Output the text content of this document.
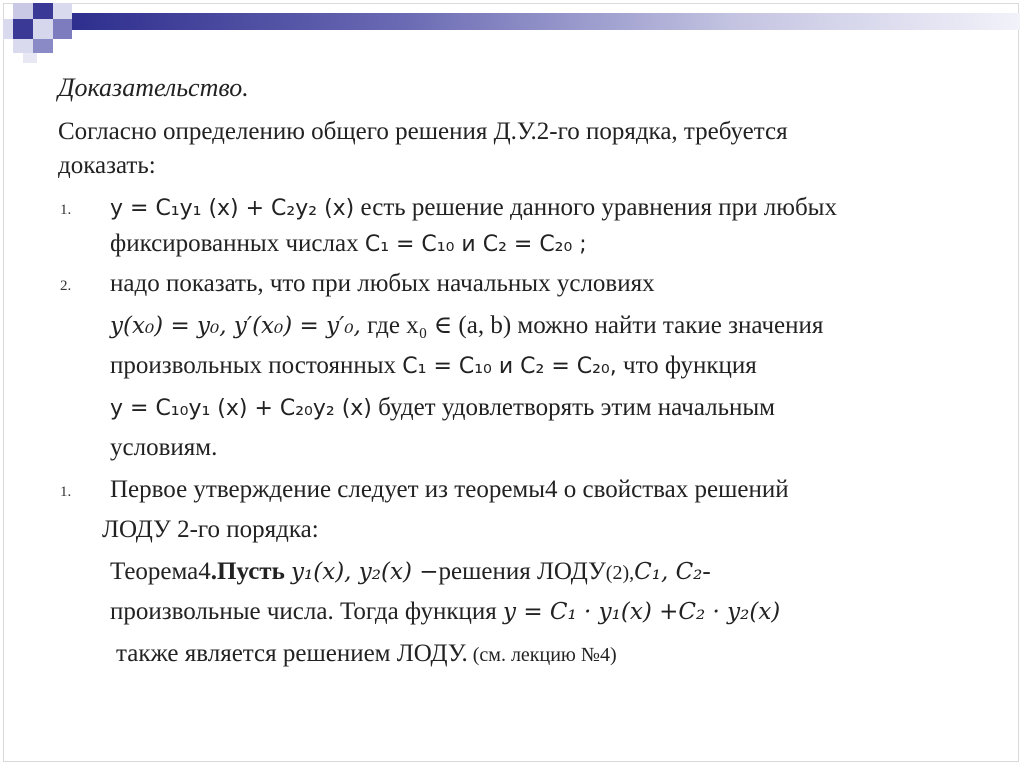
Доказательство.
Согласно определению общего решения Д.У.2-го порядка, требуется
доказать:
1. y = C₁y₁ (x) + C₂y₂ (x) есть решение данного уравнения при любых
фиксированных числах C₁ = C₁₀ и C₂ = C₂₀ ;
2. надо показать, что при любых начальных условиях
y(x₀) = y₀, y′(x₀) = y′₀, где x₀ ∈ (a, b) можно найти такие значения
произвольных постоянных C₁ = C₁₀ и C₂ = C₂₀, что функция
y = C₁₀y₁ (x) + C₂₀y₂ (x) будет удовлетворять этим начальным
условиям.
1. Первое утверждение следует из теоремы4 о свойствах решений
ЛОДУ 2-го порядка:
Теорема4.Пусть y₁(x), y₂(x) −решения ЛОДУ(2),C₁, C₂-
произвольные числа. Тогда функция y = C₁ · y₁(x) +C₂ · y₂(x)
также является решением ЛОДУ. (см. лекцию №4)
